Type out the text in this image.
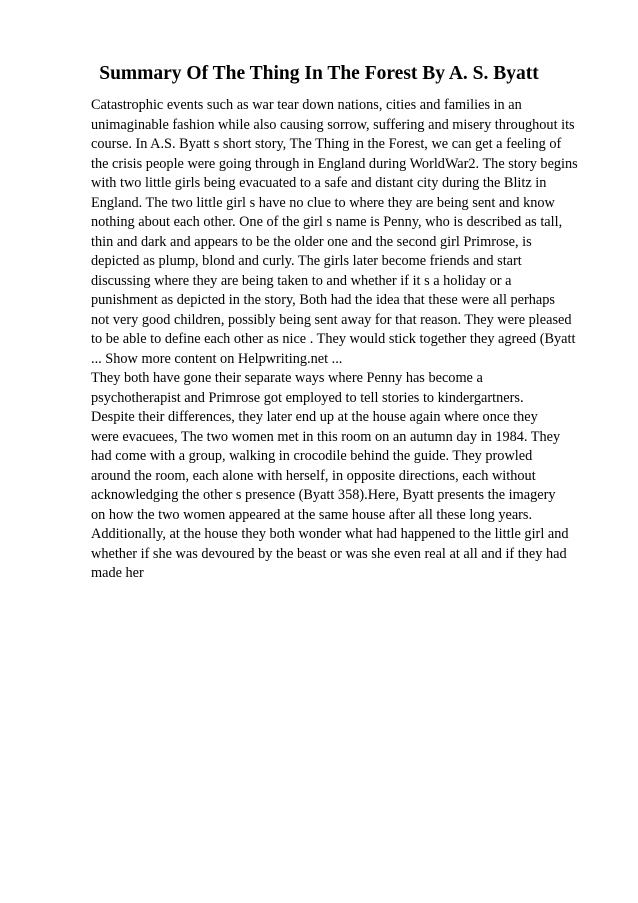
Summary Of The Thing In The Forest By A. S. Byatt
Catastrophic events such as war tear down nations, cities and families in an
unimaginable fashion while also causing sorrow, suffering and misery throughout its
course. In A.S. Byatt s short story, The Thing in the Forest, we can get a feeling of
the crisis people were going through in England during WorldWar2. The story begins
with two little girls being evacuated to a safe and distant city during the Blitz in
England. The two little girl s have no clue to where they are being sent and know
nothing about each other. One of the girl s name is Penny, who is described as tall,
thin and dark and appears to be the older one and the second girl Primrose, is
depicted as plump, blond and curly. The girls later become friends and start
discussing where they are being taken to and whether if it s a holiday or a
punishment as depicted in the story, Both had the idea that these were all perhaps
not very good children, possibly being sent away for that reason. They were pleased
to be able to define each other as nice . They would stick together they agreed (Byatt
... Show more content on Helpwriting.net ...
They both have gone their separate ways where Penny has become a
psychotherapist and Primrose got employed to tell stories to kindergartners.
Despite their differences, they later end up at the house again where once they
were evacuees, The two women met in this room on an autumn day in 1984. They
had come with a group, walking in crocodile behind the guide. They prowled
around the room, each alone with herself, in opposite directions, each without
acknowledging the other s presence (Byatt 358).Here, Byatt presents the imagery
on how the two women appeared at the same house after all these long years.
Additionally, at the house they both wonder what had happened to the little girl and
whether if she was devoured by the beast or was she even real at all and if they had
made her
